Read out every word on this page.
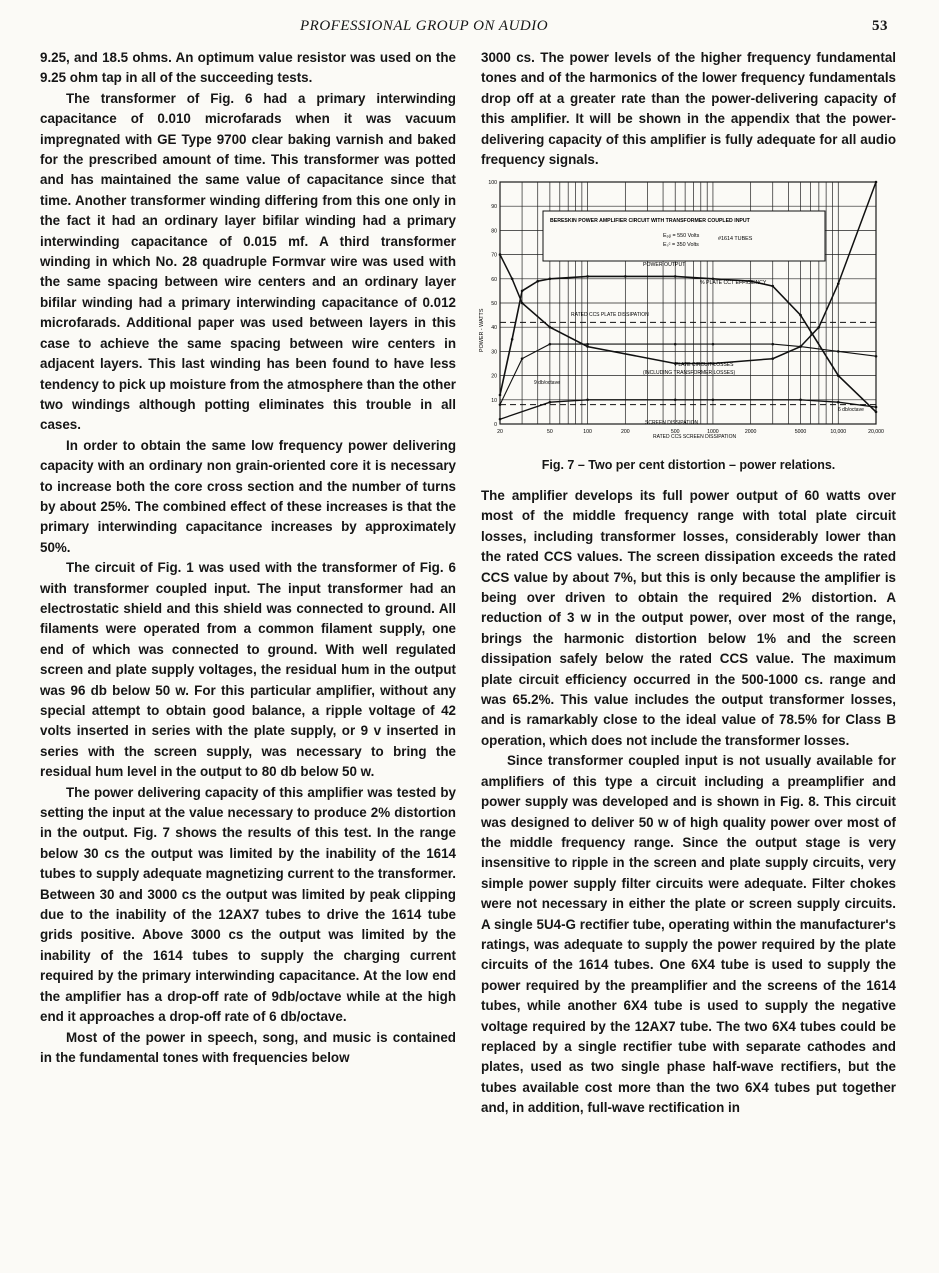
PROFESSIONAL GROUP ON AUDIO	53

9.25, and 18.5 ohms. An optimum value resistor was used on the 9.25 ohm tap in all of the succeeding tests.

The transformer of Fig. 6 had a primary interwinding capacitance of 0.010 microfarads when it was vacuum impregnated with GE Type 9700 clear baking varnish and baked for the prescribed amount of time. This transformer was potted and has maintained the same value of capacitance since that time. Another transformer winding differing from this one only in the fact it had an ordinary layer bifilar winding had a primary interwinding capacitance of 0.015 mf. A third transformer winding in which No. 28 quadruple Formvar wire was used with the same spacing between wire centers and an ordinary layer bifilar winding had a primary interwinding capacitance of 0.012 microfarads. Additional paper was used between layers in this case to achieve the same spacing between wire centers in adjacent layers. This last winding has been found to have less tendency to pick up moisture from the atmosphere than the other two windings although potting eliminates this trouble in all cases.

In order to obtain the same low frequency power delivering capacity with an ordinary non grain-oriented core it is necessary to increase both the core cross section and the number of turns by about 25%. The combined effect of these increases is that the primary interwinding capacitance increases by approximately 50%.

The circuit of Fig. 1 was used with the transformer of Fig. 6 with transformer coupled input. The input transformer had an electrostatic shield and this shield was connected to ground. All filaments were operated from a common filament supply, one end of which was connected to ground. With well regulated screen and plate supply voltages, the residual hum in the output was 96 db below 50 w. For this particular amplifier, without any special attempt to obtain good balance, a ripple voltage of 42 volts inserted in series with the plate supply, or 9 v inserted in series with the screen supply, was necessary to bring the residual hum level in the output to 80 db below 50 w.

The power delivering capacity of this amplifier was tested by setting the input at the value necessary to produce 2% distortion in the output. Fig. 7 shows the results of this test. In the range below 30 cs the output was limited by the inability of the 1614 tubes to supply adequate magnetizing current to the transformer. Between 30 and 3000 cs the output was limited by peak clipping due to the inability of the 12AX7 tubes to drive the 1614 tube grids positive. Above 3000 cs the output was limited by the inability of the 1614 tubes to supply the charging current required by the primary interwinding capacitance. At the low end the amplifier has a drop-off rate of 9db/octave while at the high end it approaches a drop-off rate of 6 db/octave.

Most of the power in speech, song, and music is contained in the fundamental tones with frequencies below

3000 cs. The power levels of the higher frequency fundamental tones and of the harmonics of the lower frequency fundamentals drop off at a greater rate than the power-delivering capacity of this amplifier. It will be shown in the appendix that the power-delivering capacity of this amplifier is fully adequate for all audio frequency signals.

BERESKIN POWER AMPLIFIER CIRCUIT WITH TRANSFORMER COUPLED INPUT
Eₚᵦ = 550 Volts
Eₛᶜ = 350 Volts
#1614 TUBES
POWER OUTPUT
% PLATE CCT EFFICIENCY
RATED CCS PLATE DISSIPATION
PLATE CIRCUIT LOSSES
(INCLUDING TRANSFORMER LOSSES)
9 db/octave
6 db/octave
SCREEN DISSIPATION
RATED CCS SCREEN DISSIPATION
POWER - WATTS
100
90
80
70
60
50
40
30
20
10
0
20	50	100	200	500	1000	2000	5000	10,000	20,000
Fig. 7 – Two per cent distortion – power relations.

The amplifier develops its full power output of 60 watts over most of the middle frequency range with total plate circuit losses, including transformer losses, considerably lower than the rated CCS values. The screen dissipation exceeds the rated CCS value by about 7%, but this is only because the amplifier is being over driven to obtain the required 2% distortion. A reduction of 3 w in the output power, over most of the range, brings the harmonic distortion below 1% and the screen dissipation safely below the rated CCS value. The maximum plate circuit efficiency occurred in the 500-1000 cs. range and was 65.2%. This value includes the output transformer losses, and is ramarkably close to the ideal value of 78.5% for Class B operation, which does not include the transformer losses.

Since transformer coupled input is not usually available for amplifiers of this type a circuit including a preamplifier and power supply was developed and is shown in Fig. 8. This circuit was designed to deliver 50 w of high quality power over most of the middle frequency range. Since the output stage is very insensitive to ripple in the screen and plate supply circuits, very simple power supply filter circuits were adequate. Filter chokes were not necessary in either the plate or screen supply circuits. A single 5U4-G rectifier tube, operating within the manufacturer's ratings, was adequate to supply the power required by the plate circuits of the 1614 tubes. One 6X4 tube is used to supply the power required by the preamplifier and the screens of the 1614 tubes, while another 6X4 tube is used to supply the negative voltage required by the 12AX7 tube. The two 6X4 tubes could be replaced by a single rectifier tube with separate cathodes and plates, used as two single phase half-wave rectifiers, but the tubes available cost more than the two 6X4 tubes put together and, in addition, full-wave rectification in
